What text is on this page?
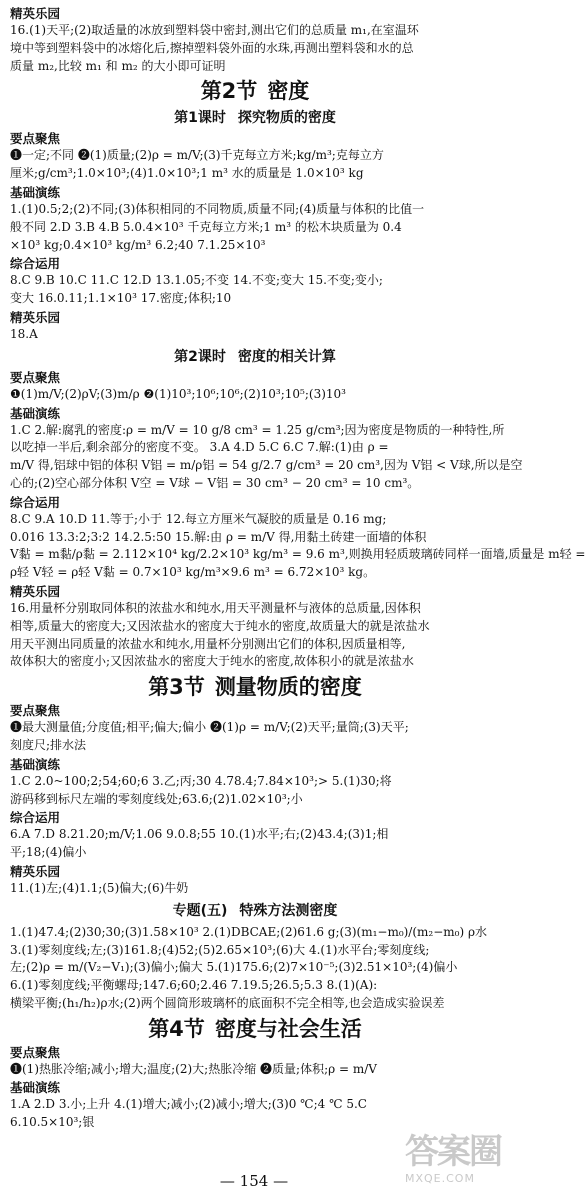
精英乐园
16.(1)天平;(2)取适量的冰放到塑料袋中密封,测出它们的总质量 m₁,在室温环
境中等到塑料袋中的冰熔化后,擦掉塑料袋外面的水珠,再测出塑料袋和水的总
质量 m₂,比较 m₁ 和 m₂ 的大小即可证明
第2节 密度
第1课时 探究物质的密度
要点聚焦
❶一定;不同 ❷(1)质量;(2)ρ = m/V;(3)千克每立方米;kg/m³;克每立方
厘米;g/cm³;1.0×10³;(4)1.0×10³;1 m³ 水的质量是 1.0×10³ kg
基础演练
1.(1)0.5;2;(2)不同;(3)体积相同的不同物质,质量不同;(4)质量与体积的比值一
般不同 2.D 3.B 4.B 5.0.4×10³ 千克每立方米;1 m³ 的松木块质量为 0.4
×10³ kg;0.4×10³ kg/m³ 6.2;40 7.1.25×10³
综合运用
8.C 9.B 10.C 11.C 12.D 13.1.05;不变 14.不变;变大 15.不变;变小;
变大 16.0.11;1.1×10³ 17.密度;体积;10
精英乐园
18.A
第2课时 密度的相关计算
要点聚焦
❶(1)m/V;(2)ρV;(3)m/ρ ❷(1)10³;10⁶;10⁶;(2)10³;10⁵;(3)10³
基础演练
1.C 2.解:腐乳的密度:ρ = m/V = 10 g/8 cm³ = 1.25 g/cm³;因为密度是物质的一种特性,所
以吃掉一半后,剩余部分的密度不变。 3.A 4.D 5.C 6.C 7.解:(1)由 ρ =
m/V 得,铝球中铝的体积 V铝 = m/ρ铝 = 54 g/2.7 g/cm³ = 20 cm³,因为 V铝 < V球,所以是空
心的;(2)空心部分体积 V空 = V球 − V铝 = 30 cm³ − 20 cm³ = 10 cm³。
综合运用
8.C 9.A 10.D 11.等于;小于 12.每立方厘米气凝胶的质量是 0.16 mg;
0.016 13.3:2;3:2 14.2.5:50 15.解:由 ρ = m/V 得,用黏土砖建一面墙的体积
V黏 = m黏/ρ黏 = 2.112×10⁴ kg/2.2×10³ kg/m³ = 9.6 m³,则换用轻质玻璃砖同样一面墙,质量是 m轻 =
ρ轻 V轻 = ρ轻 V黏 = 0.7×10³ kg/m³×9.6 m³ = 6.72×10³ kg。
精英乐园
16.用量杯分别取同体积的浓盐水和纯水,用天平测量杯与液体的总质量,因体积
相等,质量大的密度大;又因浓盐水的密度大于纯水的密度,故质量大的就是浓盐水
用天平测出同质量的浓盐水和纯水,用量杯分别测出它们的体积,因质量相等,
故体积大的密度小;又因浓盐水的密度大于纯水的密度,故体积小的就是浓盐水
第3节 测量物质的密度
要点聚焦
❶最大测量值;分度值;相平;偏大;偏小 ❷(1)ρ = m/V;(2)天平;量筒;(3)天平;
刻度尺;排水法
基础演练
1.C 2.0~100;2;54;60;6 3.乙;丙;30 4.78.4;7.84×10³;> 5.(1)30;将
游码移到标尺左端的零刻度线处;63.6;(2)1.02×10³;小
综合运用
6.A 7.D 8.21.20;m/V;1.06 9.0.8;55 10.(1)水平;右;(2)43.4;(3)1;相
平;18;(4)偏小
精英乐园
11.(1)左;(4)1.1;(5)偏大;(6)牛奶
专题(五) 特殊方法测密度
1.(1)47.4;(2)30;30;(3)1.58×10³ 2.(1)DBCAE;(2)61.6 g;(3)(m₁−m₀)/(m₂−m₀) ρ水
3.(1)零刻度线;左;(3)161.8;(4)52;(5)2.65×10³;(6)大 4.(1)水平台;零刻度线;
左;(2)ρ = m/(V₂−V₁);(3)偏小;偏大 5.(1)175.6;(2)7×10⁻⁵;(3)2.51×10³;(4)偏小
6.(1)零刻度线;平衡螺母;147.6;60;2.46 7.19.5;26.5;5.3 8.(1)(A):
横梁平衡;(h₁/h₂)ρ水;(2)两个圆筒形玻璃杯的底面积不完全相等,也会造成实验误差
第4节 密度与社会生活
要点聚焦
❶(1)热胀冷缩;减小;增大;温度;(2)大;热胀冷缩 ❷质量;体积;ρ = m/V
基础演练
1.A 2.D 3.小;上升 4.(1)增大;减小;(2)减小;增大;(3)0 ℃;4 ℃ 5.C
6.10.5×10³;银
— 154 —
答案圈
MXQE.COM
